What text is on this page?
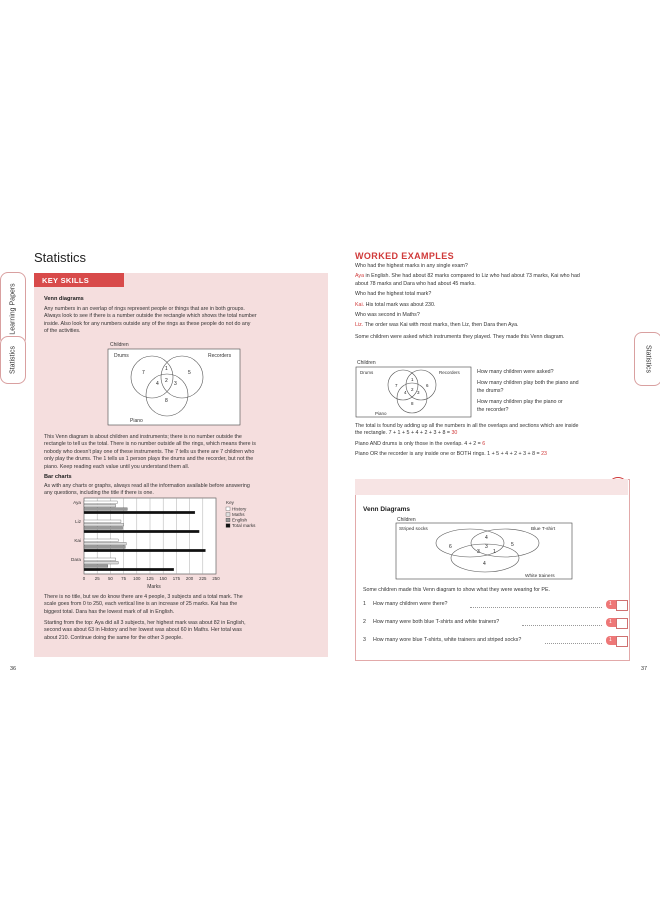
Statistics
Learning Papers
Statistics
KEY SKILLS
Venn diagrams
Any numbers in an overlap of rings represent people or things that are in both groups.
Always look to see if there is a number outside the rectangle which shows the total number
inside. Also look for any numbers outside any of the rings as these people do not do any
of the activities.
Children
Drums	Recorders
Piano
7	5
1
4 2 3
8
This Venn diagram is about children and instruments; there is no number outside the
rectangle to tell us the total. There is no number outside all the rings, which means there is
nobody who doesn't play one of these instruments. The 7 tells us there are 7 children who
only play the drums. The 1 tells us 1 person plays the drums and the recorder, but not the
piano. Keep reading each value until you understand them all.
Bar charts
As with any charts or graphs, always read all the information available before answering
any questions, including the title if there is one.
Aya
Liz
Kai
Dara
0 25 50 75 100 125 150 175 200 225 250
Marks
Key
History
Maths
English
Total marks
There is no title, but we do know there are 4 people, 3 subjects and a total mark. The
scale goes from 0 to 250, each vertical line is an increase of 25 marks. Kai has the
biggest total. Dara has the lowest mark of all in English.
Starting from the top: Aya did all 3 subjects, her highest mark was about 82 in English,
second was about 63 in History and her lowest was about 60 in Maths. Her total was
about 210. Continue doing the same for the other 3 people.
36
WORKED EXAMPLES
Statistics
Who had the highest marks in any single exam?
Aya in English. She had about 82 marks compared to Liz who had about 73 marks, Kai who had
about 78 marks and Dara who had about 45 marks.
Who had the highest total mark?
Kai. His total mark was about 230.
Who was second in Maths?
Liz. The order was Kai with most marks, then Liz, then Dara then Aya.
Some children were asked which instruments they played. They made this Venn diagram.
Children
Drums	Recorders
Piano
7	6
1
4
2
3
8
How many children were asked?
How many children play both the piano and
the drums?
How many children play the piano or
the recorder?
The total is found by adding up all the numbers in all the overlaps and sections which are inside
the rectangle. 7 + 1 + 5 + 4 + 2 + 3 + 8 = 30
Piano AND drums is only those in the overlap. 4 + 2 = 6
Piano OR the recorder is any inside one or BOTH rings. 1 + 5 + 4 + 2 + 3 + 8 = 23
Venn Diagrams
Children
Striped socks	Blue T-shirt
White trainers
6	5
4
3
1
3
4
Some children made this Venn diagram to show what they were wearing for PE.
1 How many children were there?	1
2 How many were both blue T-shirts and white trainers?	1
3 How many wore blue T-shirts, white trainers and striped socks?	1
37
